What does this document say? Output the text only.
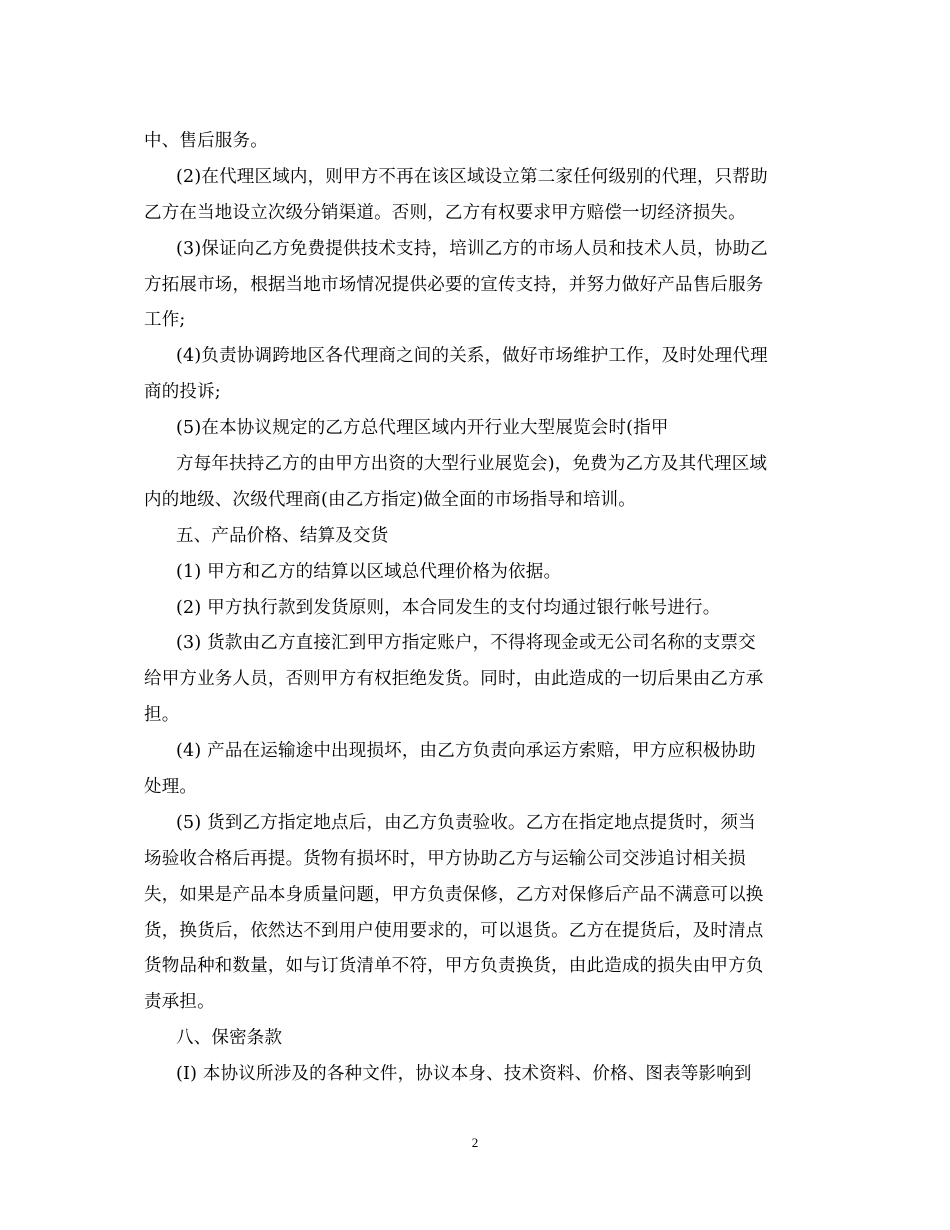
中、售后服务。
(2)在代理区域内，则甲方不再在该区域设立第二家任何级别的代理，只帮助
乙方在当地设立次级分销渠道。否则，乙方有权要求甲方赔偿一切经济损失。
(3)保证向乙方免费提供技术支持，培训乙方的市场人员和技术人员，协助乙
方拓展市场，根据当地市场情况提供必要的宣传支持，并努力做好产品售后服务
工作;
(4)负责协调跨地区各代理商之间的关系，做好市场维护工作，及时处理代理
商的投诉;
(5)在本协议规定的乙方总代理区域内开行业大型展览会时(指甲
方每年扶持乙方的由甲方出资的大型行业展览会)，免费为乙方及其代理区域
内的地级、次级代理商(由乙方指定)做全面的市场指导和培训。
五、产品价格、结算及交货
(1) 甲方和乙方的结算以区域总代理价格为依据。
(2) 甲方执行款到发货原则，本合同发生的支付均通过银行帐号进行。
(3) 货款由乙方直接汇到甲方指定账户，不得将现金或无公司名称的支票交
给甲方业务人员，否则甲方有权拒绝发货。同时，由此造成的一切后果由乙方承
担。
(4) 产品在运输途中出现损坏，由乙方负责向承运方索赔，甲方应积极协助
处理。
(5) 货到乙方指定地点后，由乙方负责验收。乙方在指定地点提货时，须当
场验收合格后再提。货物有损坏时，甲方协助乙方与运输公司交涉追讨相关损
失，如果是产品本身质量问题，甲方负责保修，乙方对保修后产品不满意可以换
货，换货后，依然达不到用户使用要求的，可以退货。乙方在提货后，及时清点
货物品种和数量，如与订货清单不符，甲方负责换货，由此造成的损失由甲方负
责承担。
八、保密条款
(Ⅰ) 本协议所涉及的各种文件，协议本身、技术资料、价格、图表等影响到
2
